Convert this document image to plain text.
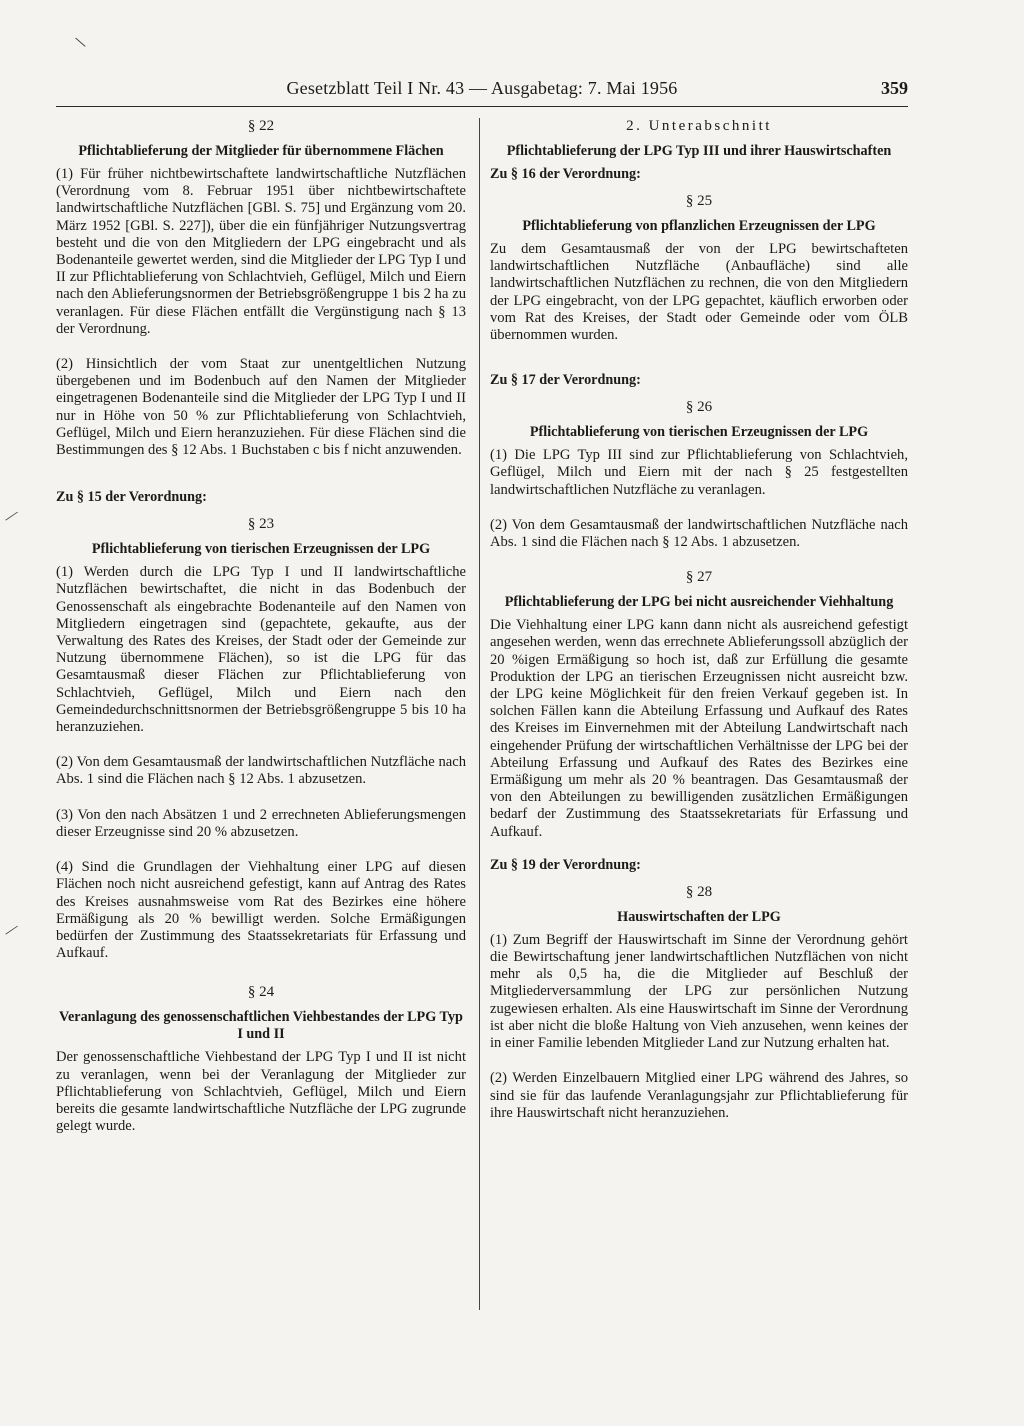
Gesetzblatt Teil I Nr. 43 — Ausgabetag: 7. Mai 1956	359
§ 22
Pflichtablieferung der Mitglieder für übernommene Flächen

(1) Für früher nichtbewirtschaftete landwirtschaftliche Nutzflächen (Verordnung vom 8. Februar 1951 über nichtbewirtschaftete landwirtschaftliche Nutzflächen [GBl. S. 75] und Ergänzung vom 20. März 1952 [GBl. S. 227]), über die ein fünfjähriger Nutzungsvertrag besteht und die von den Mitgliedern der LPG eingebracht und als Bodenanteile gewertet werden, sind die Mitglieder der LPG Typ I und II zur Pflichtablieferung von Schlachtvieh, Geflügel, Milch und Eiern nach den Ablieferungsnormen der Betriebsgrößengruppe 1 bis 2 ha zu veranlagen. Für diese Flächen entfällt die Vergünstigung nach § 13 der Verordnung.

(2) Hinsichtlich der vom Staat zur unentgeltlichen Nutzung übergebenen und im Bodenbuch auf den Namen der Mitglieder eingetragenen Bodenanteile sind die Mitglieder der LPG Typ I und II nur in Höhe von 50 % zur Pflichtablieferung von Schlachtvieh, Geflügel, Milch und Eiern heranzuziehen. Für diese Flächen sind die Bestimmungen des § 12 Abs. 1 Buchstaben c bis f nicht anzuwenden.

Zu § 15 der Verordnung:
§ 23
Pflichtablieferung von tierischen Erzeugnissen der LPG

(1) Werden durch die LPG Typ I und II landwirtschaftliche Nutzflächen bewirtschaftet, die nicht in das Bodenbuch der Genossenschaft als eingebrachte Bodenanteile auf den Namen von Mitgliedern eingetragen sind (gepachtete, gekaufte, aus der Verwaltung des Rates des Kreises, der Stadt oder der Gemeinde zur Nutzung übernommene Flächen), so ist die LPG für das Gesamtausmaß dieser Flächen zur Pflichtablieferung von Schlachtvieh, Geflügel, Milch und Eiern nach den Gemeindedurchschnittsnormen der Betriebsgrößengruppe 5 bis 10 ha heranzuziehen.

(2) Von dem Gesamtausmaß der landwirtschaftlichen Nutzfläche nach Abs. 1 sind die Flächen nach § 12 Abs. 1 abzusetzen.

(3) Von den nach Absätzen 1 und 2 errechneten Ablieferungsmengen dieser Erzeugnisse sind 20 % abzusetzen.

(4) Sind die Grundlagen der Viehhaltung einer LPG auf diesen Flächen noch nicht ausreichend gefestigt, kann auf Antrag des Rates des Kreises ausnahmsweise vom Rat des Bezirkes eine höhere Ermäßigung als 20 % bewilligt werden. Solche Ermäßigungen bedürfen der Zustimmung des Staatssekretariats für Erfassung und Aufkauf.

§ 24
Veranlagung des genossenschaftlichen Viehbestandes der LPG Typ I und II

Der genossenschaftliche Viehbestand der LPG Typ I und II ist nicht zu veranlagen, wenn bei der Veranlagung der Mitglieder zur Pflichtablieferung von Schlachtvieh, Geflügel, Milch und Eiern bereits die gesamte landwirtschaftliche Nutzfläche der LPG zugrunde gelegt wurde.

2. Unterabschnitt
Pflichtablieferung der LPG Typ III und ihrer Hauswirtschaften
Zu § 16 der Verordnung:
§ 25
Pflichtablieferung von pflanzlichen Erzeugnissen der LPG

Zu dem Gesamtausmaß der von der LPG bewirtschafteten landwirtschaftlichen Nutzfläche (Anbaufläche) sind alle landwirtschaftlichen Nutzflächen zu rechnen, die von den Mitgliedern der LPG eingebracht, von der LPG gepachtet, käuflich erworben oder vom Rat des Kreises, der Stadt oder Gemeinde oder vom ÖLB übernommen wurden.

Zu § 17 der Verordnung:
§ 26
Pflichtablieferung von tierischen Erzeugnissen der LPG

(1) Die LPG Typ III sind zur Pflichtablieferung von Schlachtvieh, Geflügel, Milch und Eiern mit der nach § 25 festgestellten landwirtschaftlichen Nutzfläche zu veranlagen.

(2) Von dem Gesamtausmaß der landwirtschaftlichen Nutzfläche nach Abs. 1 sind die Flächen nach § 12 Abs. 1 abzusetzen.

§ 27
Pflichtablieferung der LPG bei nicht ausreichender Viehhaltung

Die Viehhaltung einer LPG kann dann nicht als ausreichend gefestigt angesehen werden, wenn das errechnete Ablieferungssoll abzüglich der 20 %igen Ermäßigung so hoch ist, daß zur Erfüllung die gesamte Produktion der LPG an tierischen Erzeugnissen nicht ausreicht bzw. der LPG keine Möglichkeit für den freien Verkauf gegeben ist. In solchen Fällen kann die Abteilung Erfassung und Aufkauf des Rates des Kreises im Einvernehmen mit der Abteilung Landwirtschaft nach eingehender Prüfung der wirtschaftlichen Verhältnisse der LPG bei der Abteilung Erfassung und Aufkauf des Rates des Bezirkes eine Ermäßigung um mehr als 20 % beantragen. Das Gesamtausmaß der von den Abteilungen zu bewilligenden zusätzlichen Ermäßigungen bedarf der Zustimmung des Staatssekretariats für Erfassung und Aufkauf.

Zu § 19 der Verordnung:
§ 28
Hauswirtschaften der LPG

(1) Zum Begriff der Hauswirtschaft im Sinne der Verordnung gehört die Bewirtschaftung jener landwirtschaftlichen Nutzflächen von nicht mehr als 0,5 ha, die die Mitglieder auf Beschluß der Mitgliederversammlung der LPG zur persönlichen Nutzung zugewiesen erhalten. Als eine Hauswirtschaft im Sinne der Verordnung ist aber nicht die bloße Haltung von Vieh anzusehen, wenn keines der in einer Familie lebenden Mitglieder Land zur Nutzung erhalten hat.

(2) Werden Einzelbauern Mitglied einer LPG während des Jahres, so sind sie für das laufende Veranlagungsjahr zur Pflichtablieferung für ihre Hauswirtschaft nicht heranzuziehen.

\
⁄
⁄
